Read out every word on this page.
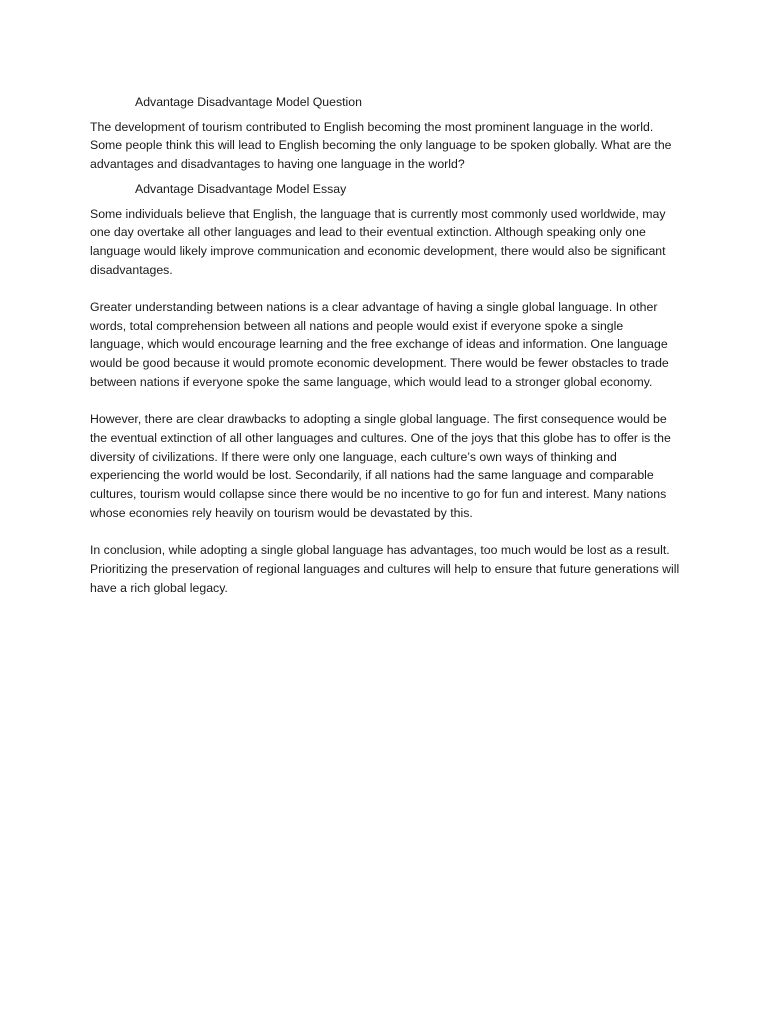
Advantage Disadvantage Model Question

The development of tourism contributed to English becoming the most prominent language in the world. Some people think this will lead to English becoming the only language to be spoken globally. What are the advantages and disadvantages to having one language in the world?

Advantage Disadvantage Model Essay

Some individuals believe that English, the language that is currently most commonly used worldwide, may one day overtake all other languages and lead to their eventual extinction. Although speaking only one language would likely improve communication and economic development, there would also be significant disadvantages.

Greater understanding between nations is a clear advantage of having a single global language. In other words, total comprehension between all nations and people would exist if everyone spoke a single language, which would encourage learning and the free exchange of ideas and information. One language would be good because it would promote economic development. There would be fewer obstacles to trade between nations if everyone spoke the same language, which would lead to a stronger global economy.

However, there are clear drawbacks to adopting a single global language. The first consequence would be the eventual extinction of all other languages and cultures. One of the joys that this globe has to offer is the diversity of civilizations. If there were only one language, each culture’s own ways of thinking and experiencing the world would be lost. Secondarily, if all nations had the same language and comparable cultures, tourism would collapse since there would be no incentive to go for fun and interest. Many nations whose economies rely heavily on tourism would be devastated by this.

In conclusion, while adopting a single global language has advantages, too much would be lost as a result. Prioritizing the preservation of regional languages and cultures will help to ensure that future generations will have a rich global legacy.
